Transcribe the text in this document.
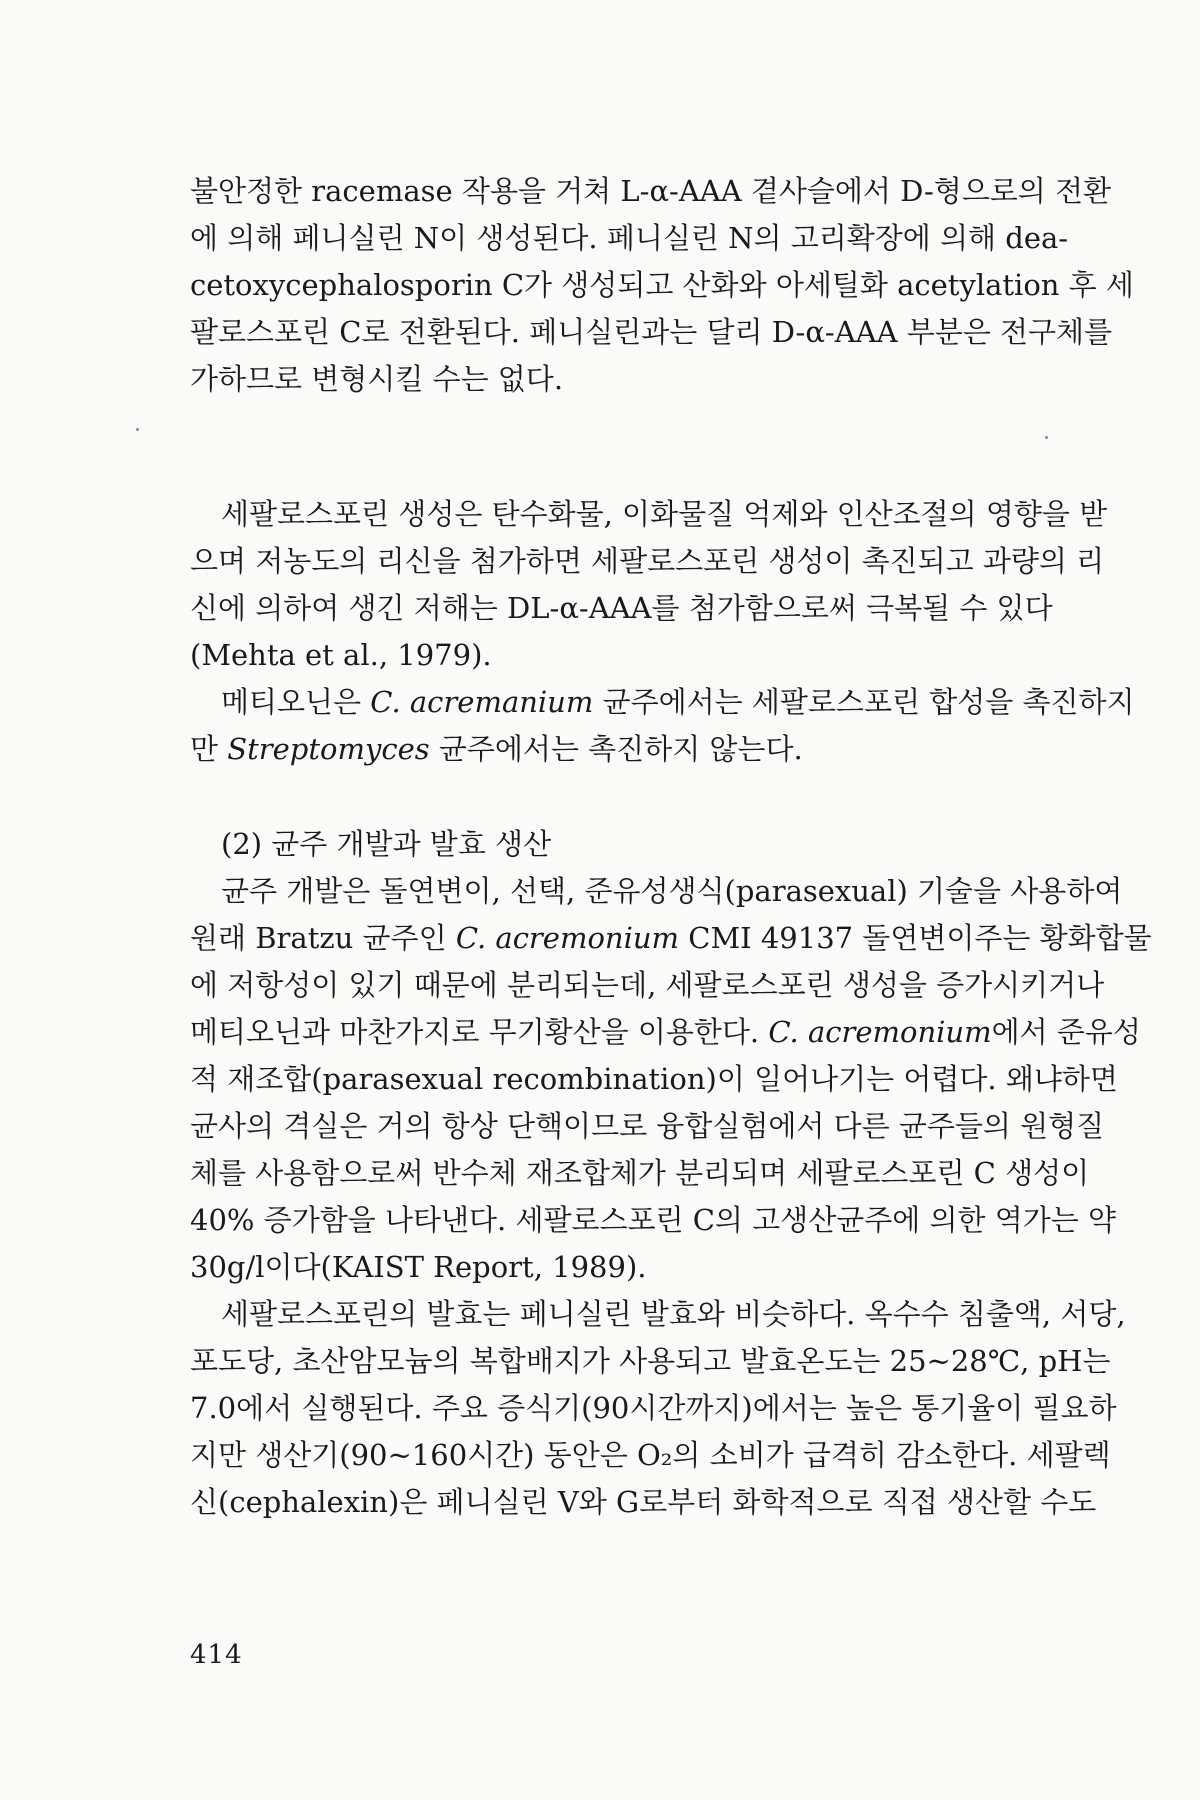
불안정한 racemase 작용을 거쳐 L-α-AAA 곁사슬에서 D-형으로의 전환
에 의해 페니실린 N이 생성된다. 페니실린 N의 고리확장에 의해 dea-
cetoxycephalosporin C가 생성되고 산화와 아세틸화 acetylation 후 세
팔로스포린 C로 전환된다. 페니실린과는 달리 D-α-AAA 부분은 전구체를
가하므로 변형시킬 수는 없다.
세팔로스포린 생성은 탄수화물, 이화물질 억제와 인산조절의 영향을 받
으며 저농도의 리신을 첨가하면 세팔로스포린 생성이 촉진되고 과량의 리
신에 의하여 생긴 저해는 DL-α-AAA를 첨가함으로써 극복될 수 있다
(Mehta et al., 1979).
메티오닌은 C. acremanium 균주에서는 세팔로스포린 합성을 촉진하지
만 Streptomyces 균주에서는 촉진하지 않는다.
(2) 균주 개발과 발효 생산
균주 개발은 돌연변이, 선택, 준유성생식(parasexual) 기술을 사용하여
원래 Bratzu 균주인 C. acremonium CMI 49137 돌연변이주는 황화합물
에 저항성이 있기 때문에 분리되는데, 세팔로스포린 생성을 증가시키거나
메티오닌과 마찬가지로 무기황산을 이용한다. C. acremonium에서 준유성
적 재조합(parasexual recombination)이 일어나기는 어렵다. 왜냐하면
균사의 격실은 거의 항상 단핵이므로 융합실험에서 다른 균주들의 원형질
체를 사용함으로써 반수체 재조합체가 분리되며 세팔로스포린 C 생성이
40% 증가함을 나타낸다. 세팔로스포린 C의 고생산균주에 의한 역가는 약
30g/l이다(KAIST Report, 1989).
세팔로스포린의 발효는 페니실린 발효와 비슷하다. 옥수수 침출액, 서당,
포도당, 초산암모늄의 복합배지가 사용되고 발효온도는 25~28℃, pH는
7.0에서 실행된다. 주요 증식기(90시간까지)에서는 높은 통기율이 필요하
지만 생산기(90~160시간) 동안은 O₂의 소비가 급격히 감소한다. 세팔렉
신(cephalexin)은 페니실린 V와 G로부터 화학적으로 직접 생산할 수도
414
